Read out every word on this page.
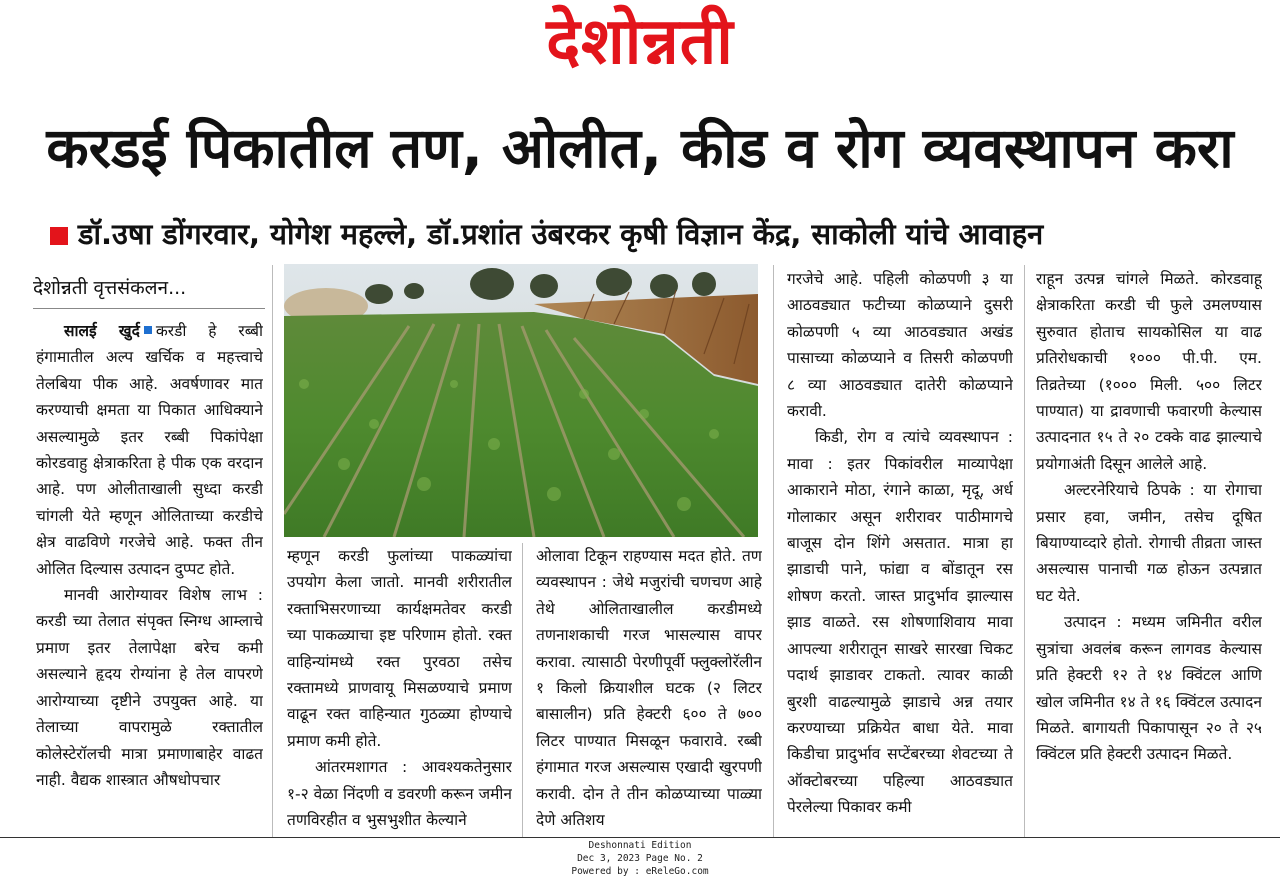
देशोन्नती
करडई पिकातील तण, ओलीत, कीड व रोग व्यवस्थापन करा
डॉ.उषा डोंगरवार, योगेश महल्ले, डॉ.प्रशांत उंबरकर कृषी विज्ञान केंद्र, साकोली यांचे आवाहन
देशोन्नती वृत्तसंकलन...

सालई खुर्द करडी हे रब्बी हंगामातील अल्प खर्चिक व महत्त्वाचे तेलबिया पीक आहे. अवर्षणावर मात करण्याची क्षमता या पिकात आधिक्याने असल्यामुळे इतर रब्बी पिकांपेक्षा कोरडवाहु क्षेत्राकरिता हे पीक एक वरदान आहे. पण ओलीताखाली सुध्दा करडी चांगली येते म्हणून ओलिताच्या करडीचे क्षेत्र वाढविणे गरजेचे आहे. फक्त तीन ओलित दिल्यास उत्पादन दुप्पट होते.

मानवी आरोग्यावर विशेष लाभ : करडी च्या तेलात संपृक्त स्निग्ध आम्लाचे प्रमाण इतर तेलापेक्षा बरेच कमी असल्याने हृदय रोग्यांना हे तेल वापरणे आरोग्याच्या दृष्टीने उपयुक्त आहे. या तेलाच्या वापरामुळे रक्तातील कोलेस्टेरॉलची मात्रा प्रमाणाबाहेर वाढत नाही. वैद्यक शास्त्रात औषधोपचार

म्हणून करडी फुलांच्या पाकळ्यांचा उपयोग केला जातो. मानवी शरीरातील रक्ताभिसरणाच्या कार्यक्षमतेवर करडी च्या पाकळ्याचा इष्ट परिणाम होतो. रक्त वाहिन्यांमध्ये रक्त पुरवठा तसेच रक्तामध्ये प्राणवायू मिसळण्याचे प्रमाण वाढून रक्त वाहिन्यात गुठळ्या होण्याचे प्रमाण कमी होते.

आंतरमशागत : आवश्यकतेनुसार १-२ वेळा निंदणी व डवरणी करून जमीन तणविरहीत व भुसभुशीत केल्याने

ओलावा टिकून राहण्यास मदत होते. तण व्यवस्थापन : जेथे मजुरांची चणचण आहे तेथे ओलिताखालील करडीमध्ये तणनाशकाची गरज भासल्यास वापर करावा. त्यासाठी पेरणीपूर्वी फ्लुक्लोरॅलीन १ किलो क्रियाशील घटक (२ लिटर बासालीन) प्रति हेक्टरी ६०० ते ७०० लिटर पाण्यात मिसळून फवारावे. रब्बी हंगामात गरज असल्यास एखादी खुरपणी करावी. दोन ते तीन कोळप्याच्या पाळ्या देणे अतिशय

गरजेचे आहे. पहिली कोळपणी ३ या आठवड्यात फटीच्या कोळप्याने दुसरी कोळपणी ५ व्या आठवड्यात अखंड पासाच्या कोळप्याने व तिसरी कोळपणी ८ व्या आठवड्यात दातेरी कोळप्याने करावी.

किडी, रोग व त्यांचे व्यवस्थापन : मावा : इतर पिकांवरील माव्यापेक्षा आकाराने मोठा, रंगाने काळा, मृदू, अर्ध गोलाकार असून शरीरावर पाठीमागचे बाजूस दोन शिंगे असतात. मात्रा हा झाडाची पाने, फांद्या व बोंडातून रस शोषण करतो. जास्त प्रादुर्भाव झाल्यास झाड वाळते. रस शोषणाशिवाय मावा आपल्या शरीरातून साखरे सारखा चिकट पदार्थ झाडावर टाकतो. त्यावर काळी बुरशी वाढल्यामुळे झाडाचे अन्न तयार करण्याच्या प्रक्रियेत बाधा येते. मावा किडीचा प्रादुर्भाव सप्टेंबरच्या शेवटच्या ते ऑक्टोबरच्या पहिल्या आठवड्यात पेरलेल्या पिकावर कमी

राहून उत्पन्न चांगले मिळते. कोरडवाहू क्षेत्राकरिता करडी ची फुले उमलण्यास सुरुवात होताच सायकोसिल या वाढ प्रतिरोधकाची १००० पी.पी. एम. तिव्रतेच्या (१००० मिली. ५०० लिटर पाण्यात) या द्रावणाची फवारणी केल्यास उत्पादनात १५ ते २० टक्के वाढ झाल्याचे प्रयोगाअंती दिसून आलेले आहे.

अल्टरनेरियाचे ठिपके : या रोगाचा प्रसार हवा, जमीन, तसेच दूषित बियाण्याव्दारे होतो. रोगाची तीव्रता जास्त असल्यास पानाची गळ होऊन उत्पन्नात घट येते.

उत्पादन : मध्यम जमिनीत वरील सुत्रांचा अवलंब करून लागवड केल्यास प्रति हेक्टरी १२ ते १४ क्विंटल आणि खोल जमिनीत १४ ते १६ क्विंटल उत्पादन मिळते. बागायती पिकापासून २० ते २५ क्विंटल प्रति हेक्टरी उत्पादन मिळते.

Deshonnati Edition
Dec 3, 2023 Page No. 2
Powered by : eReleGo.com
